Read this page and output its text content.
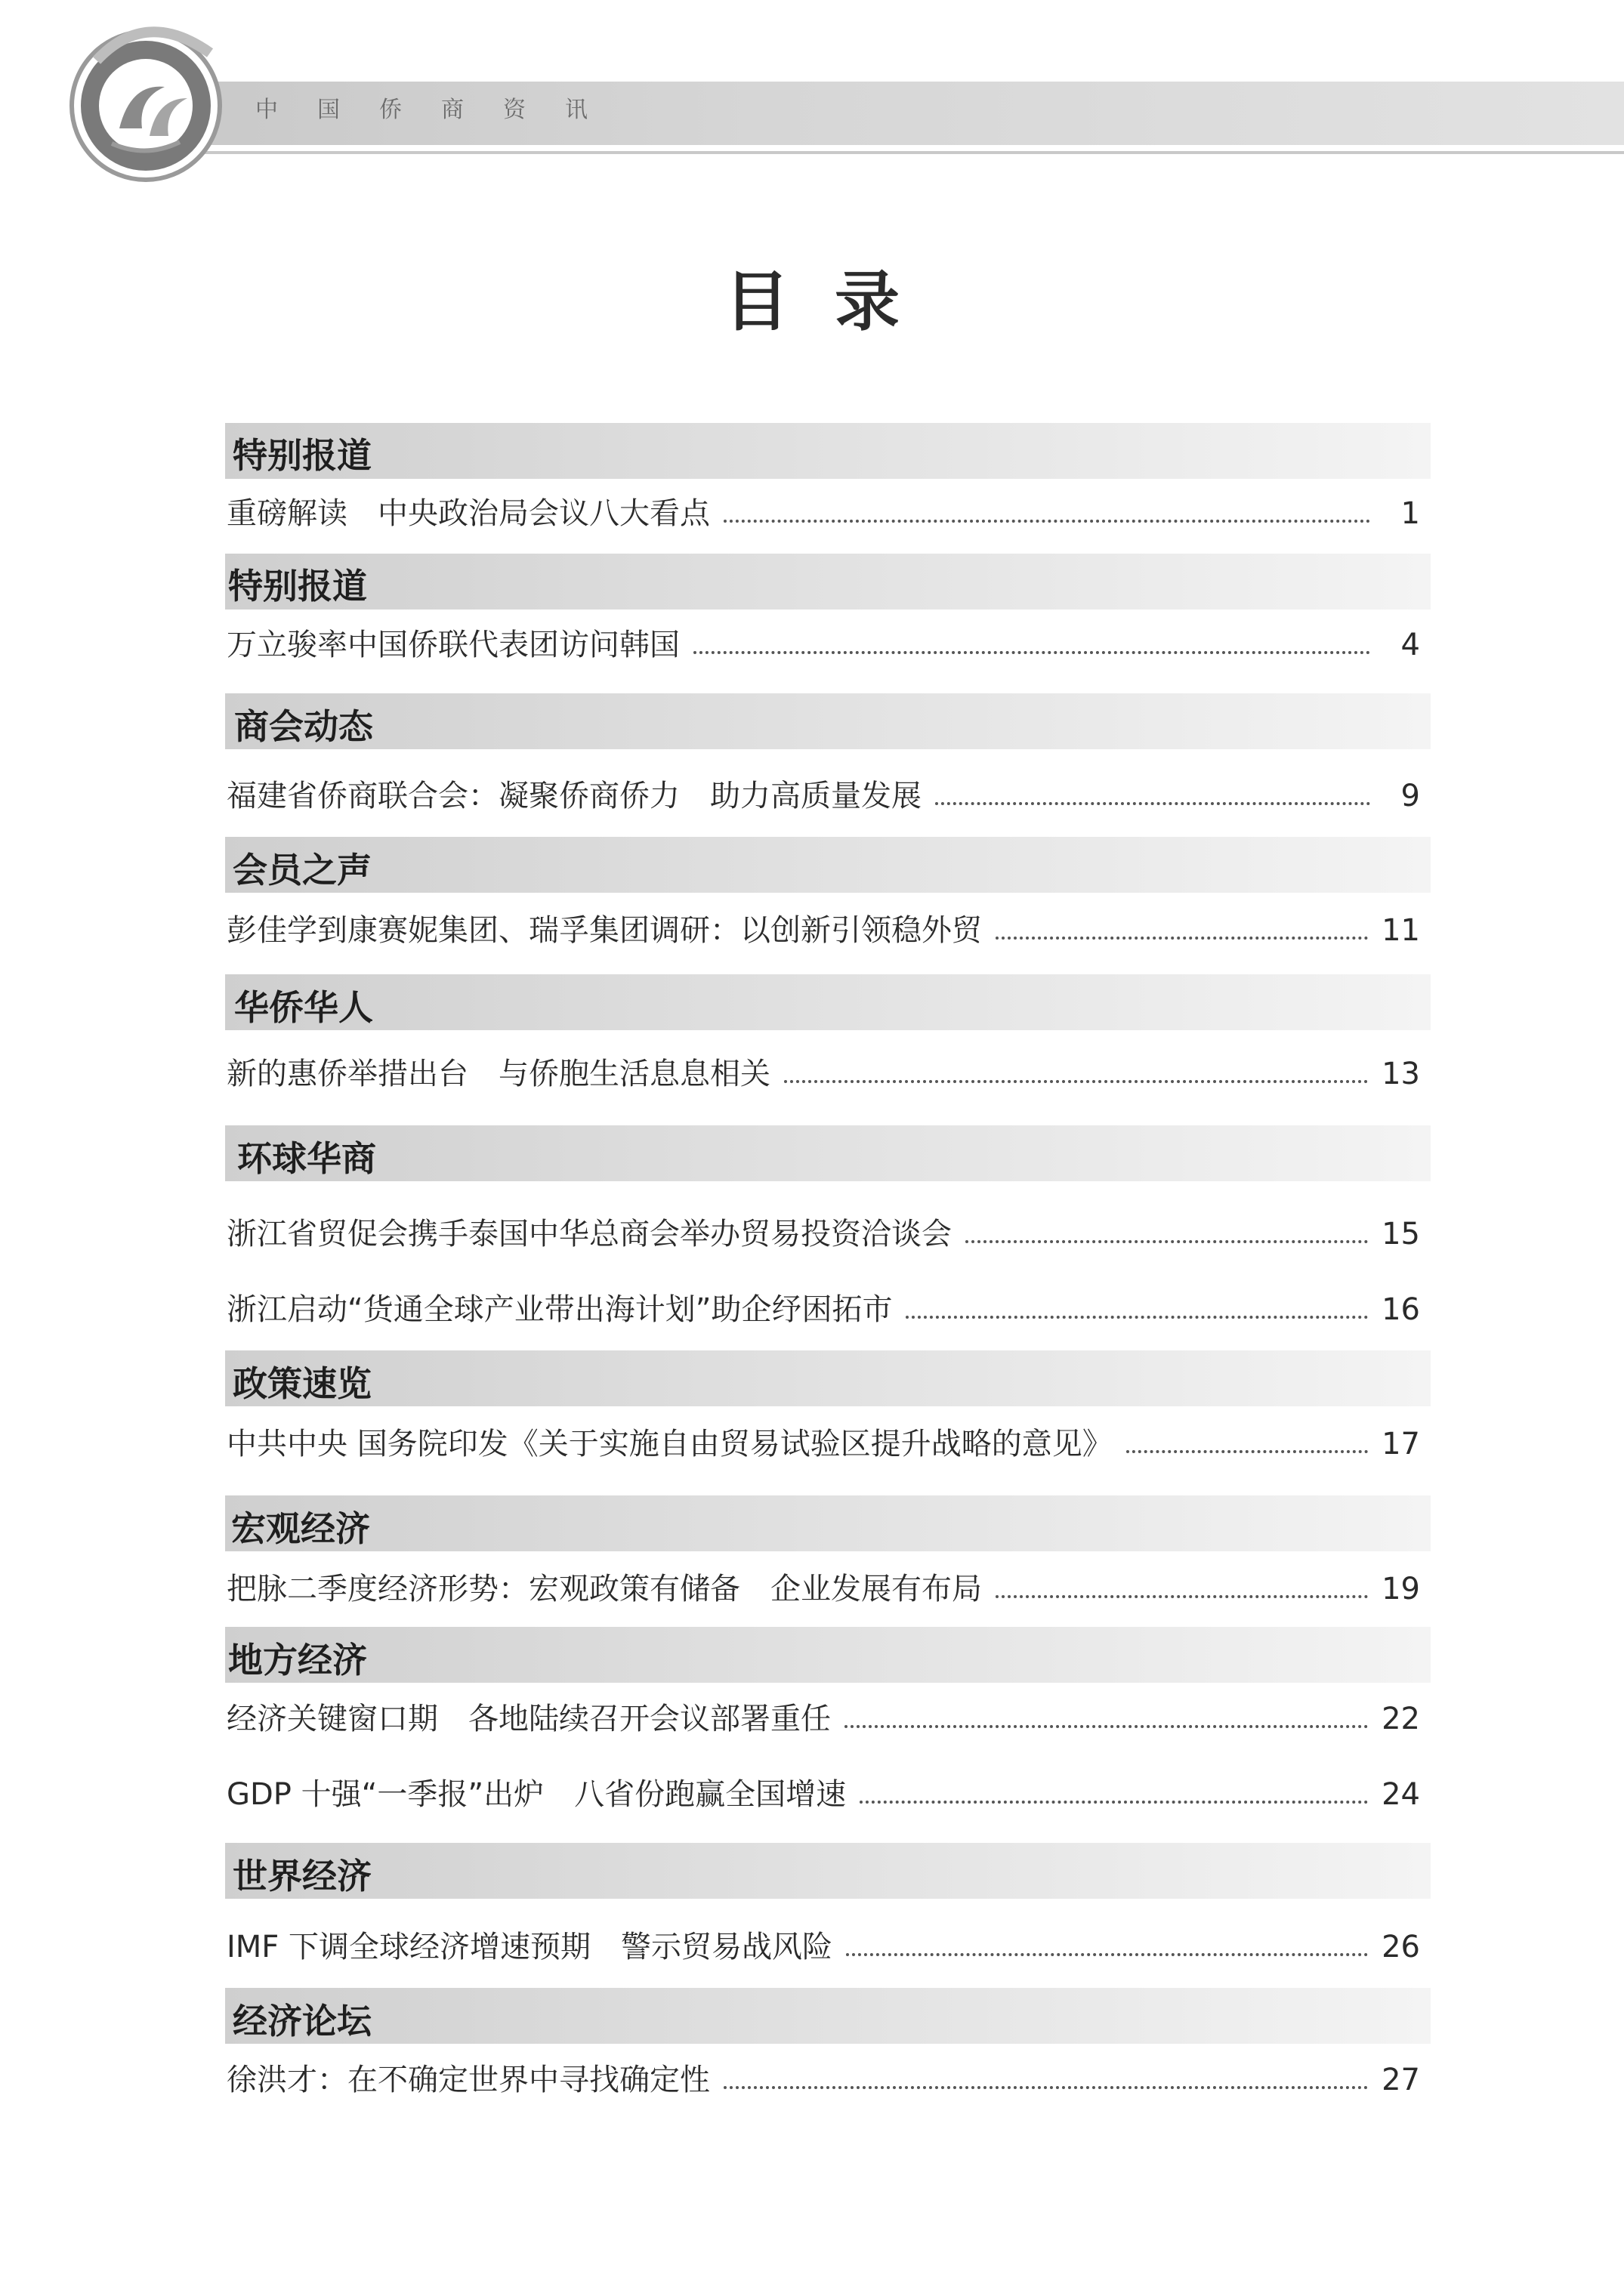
中国侨商资讯
目录
特别报道
重磅解读　中央政治局会议八大看点	1
特别报道
万立骏率中国侨联代表团访问韩国	4
商会动态
福建省侨商联合会：凝聚侨商侨力　助力高质量发展	9
会员之声
彭佳学到康赛妮集团、瑞孚集团调研：以创新引领稳外贸	11
华侨华人
新的惠侨举措出台　与侨胞生活息息相关	13
环球华商
浙江省贸促会携手泰国中华总商会举办贸易投资洽谈会	15
浙江启动“货通全球产业带出海计划”助企纾困拓市	16
政策速览
中共中央 国务院印发《关于实施自由贸易试验区提升战略的意见》	17
宏观经济
把脉二季度经济形势：宏观政策有储备　企业发展有布局	19
地方经济
经济关键窗口期　各地陆续召开会议部署重任	22
GDP 十强“一季报”出炉　八省份跑赢全国增速	24
世界经济
IMF 下调全球经济增速预期　警示贸易战风险	26
经济论坛
徐洪才：在不确定世界中寻找确定性	27
